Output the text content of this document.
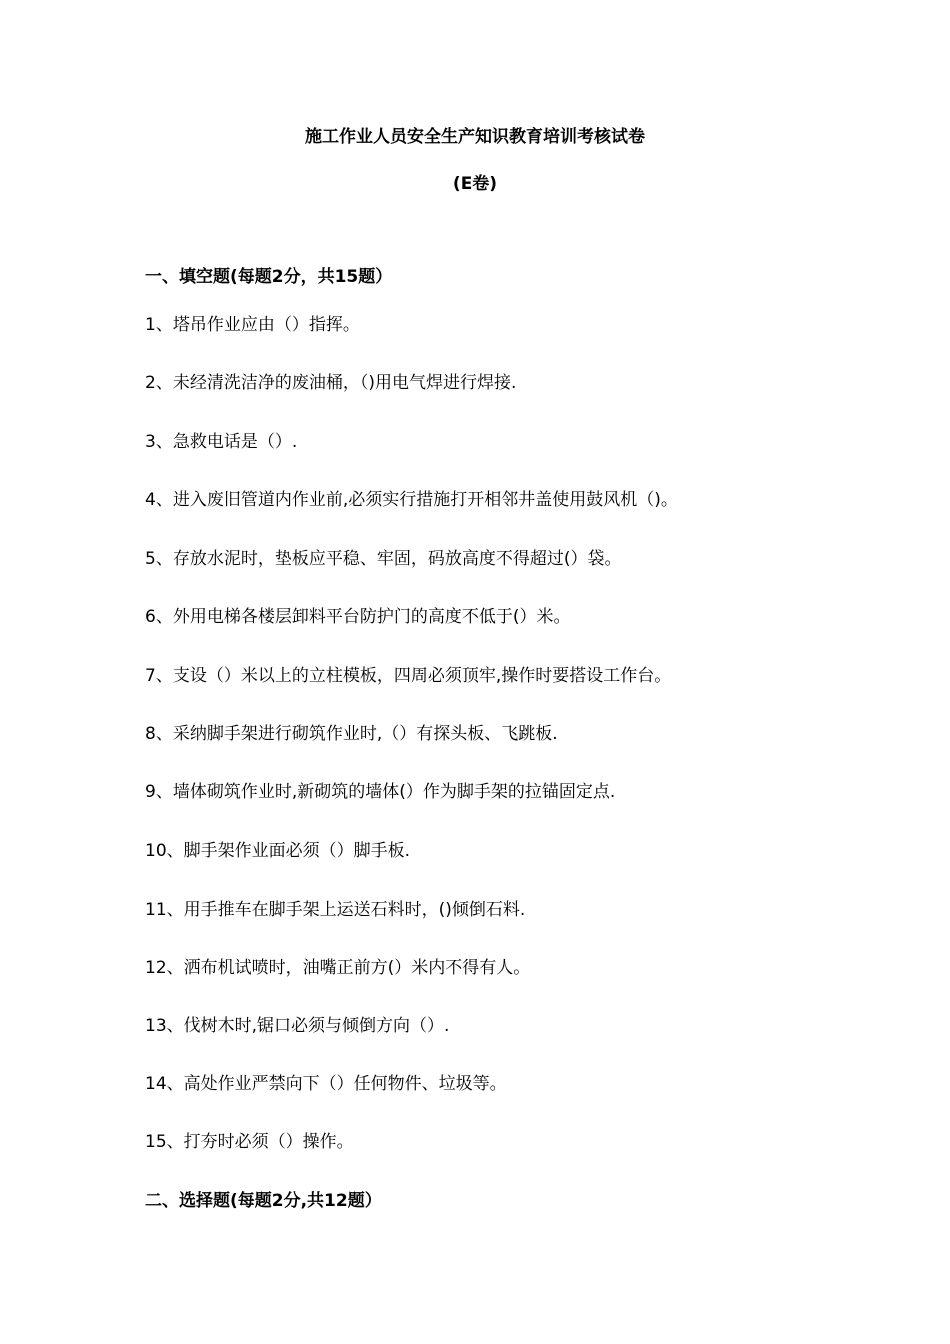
施工作业人员安全生产知识教育培训考核试卷
(E卷)
一、填空题(每题2分，共15题）
1、塔吊作业应由（）指挥。
2、未经清洗洁净的废油桶，（)用电气焊进行焊接.
3、急救电话是（）.
4、进入废旧管道内作业前,必须实行措施打开相邻井盖使用鼓风机（)。
5、存放水泥时，垫板应平稳、牢固，码放高度不得超过(）袋。
6、外用电梯各楼层卸料平台防护门的高度不低于(）米。
7、支设（）米以上的立柱模板，四周必须顶牢,操作时要搭设工作台。
8、采纳脚手架进行砌筑作业时,（）有探头板、飞跳板.
9、墙体砌筑作业时,新砌筑的墙体(）作为脚手架的拉锚固定点.
10、脚手架作业面必须（）脚手板.
11、用手推车在脚手架上运送石料时，()倾倒石料.
12、洒布机试喷时，油嘴正前方(）米内不得有人。
13、伐树木时,锯口必须与倾倒方向（）.
14、高处作业严禁向下（）任何物件、垃圾等。
15、打夯时必须（）操作。
二、选择题(每题2分,共12题）
